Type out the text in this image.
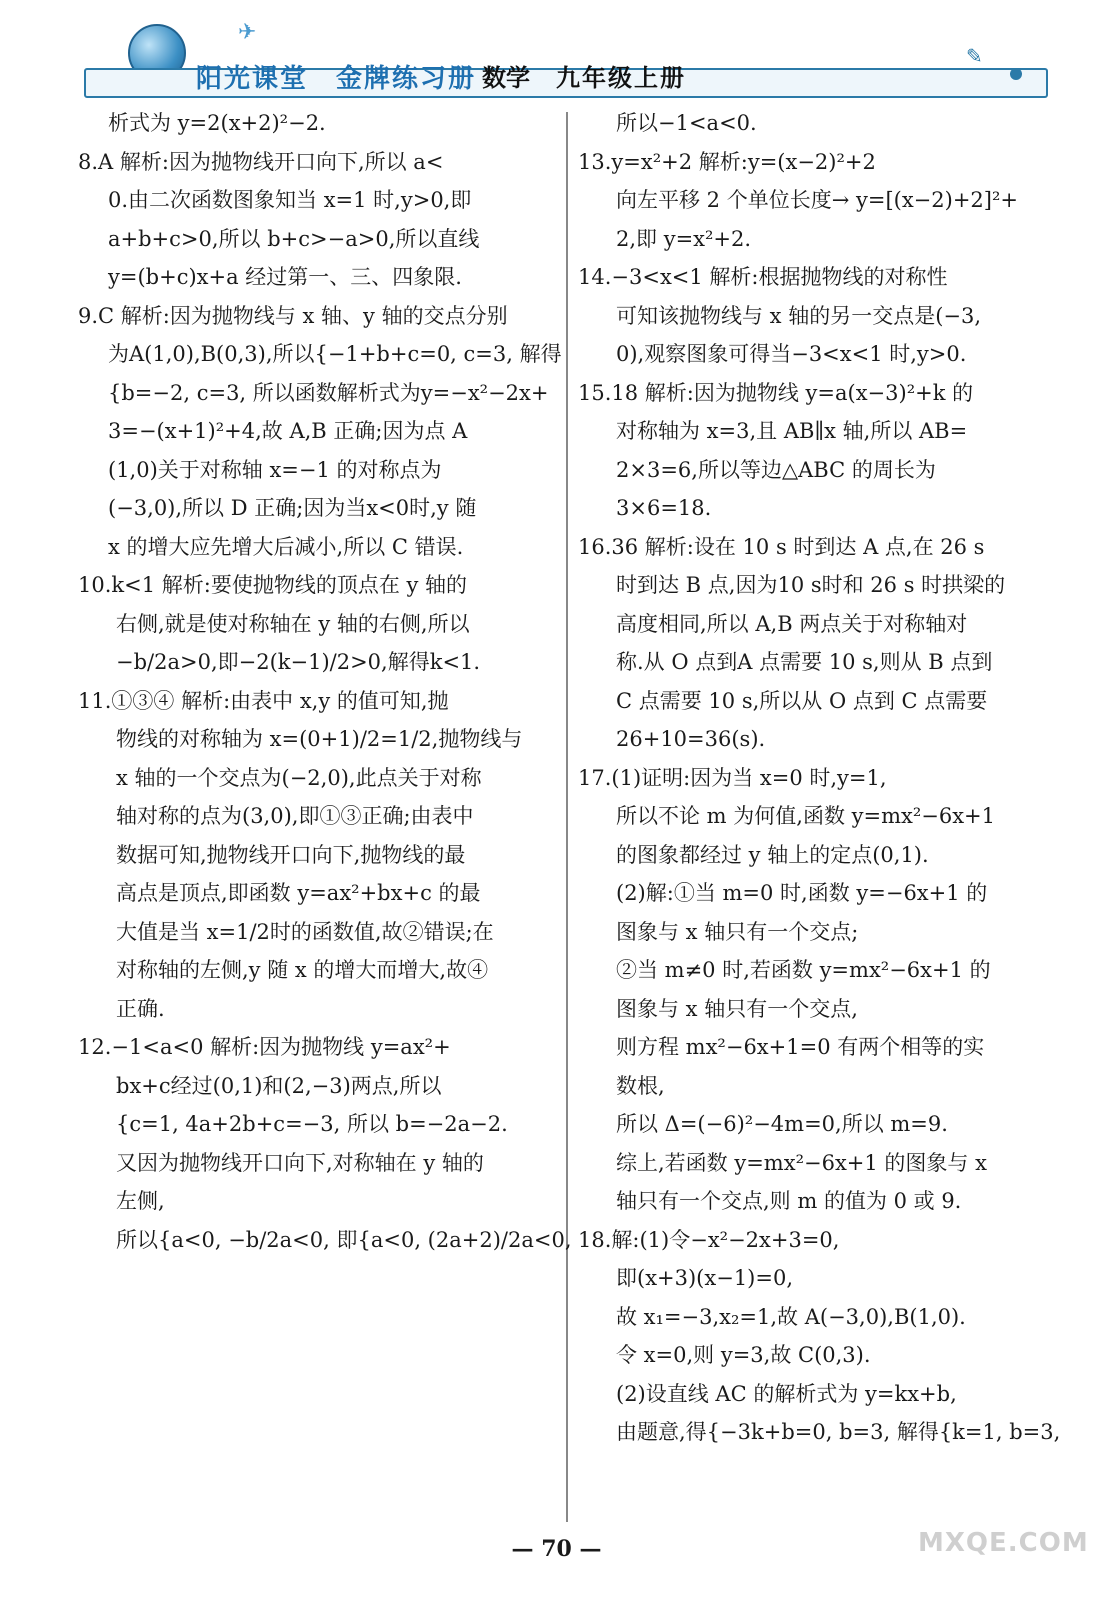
✈
✎
阳光课堂 金牌练习册 数学 九年级上册

析式为 y=2(x+2)²−2.

8.A 解析:因为抛物线开口向下,所以 a<

0.由二次函数图象知当 x=1 时,y>0,即

a+b+c>0,所以 b+c>−a>0,所以直线

y=(b+c)x+a 经过第一、三、四象限.

9.C 解析:因为抛物线与 x 轴、y 轴的交点分别

为A(1,0),B(0,3),所以{−1+b+c=0, c=3, 解得

{b=−2, c=3, 所以函数解析式为y=−x²−2x+

3=−(x+1)²+4,故 A,B 正确;因为点 A

(1,0)关于对称轴 x=−1 的对称点为

(−3,0),所以 D 正确;因为当x<0时,y 随

x 的增大应先增大后减小,所以 C 错误.

10.k<1 解析:要使抛物线的顶点在 y 轴的

右侧,就是使对称轴在 y 轴的右侧,所以

−b/2a>0,即−2(k−1)/2>0,解得k<1.

11.①③④ 解析:由表中 x,y 的值可知,抛

物线的对称轴为 x=(0+1)/2=1/2,抛物线与

x 轴的一个交点为(−2,0),此点关于对称

轴对称的点为(3,0),即①③正确;由表中

数据可知,抛物线开口向下,抛物线的最

高点是顶点,即函数 y=ax²+bx+c 的最

大值是当 x=1/2时的函数值,故②错误;在

对称轴的左侧,y 随 x 的增大而增大,故④

正确.

12.−1<a<0 解析:因为抛物线 y=ax²+

bx+c经过(0,1)和(2,−3)两点,所以

{c=1, 4a+2b+c=−3, 所以 b=−2a−2.

又因为抛物线开口向下,对称轴在 y 轴的

左侧,

所以{a<0, −b/2a<0, 即{a<0, (2a+2)/2a<0,

所以−1<a<0.

13.y=x²+2 解析:y=(x−2)²+2

向左平移 2 个单位长度→ y=[(x−2)+2]²+

2,即 y=x²+2.

14.−3<x<1 解析:根据抛物线的对称性

可知该抛物线与 x 轴的另一交点是(−3,

0),观察图象可得当−3<x<1 时,y>0.

15.18 解析:因为抛物线 y=a(x−3)²+k 的

对称轴为 x=3,且 AB∥x 轴,所以 AB=

2×3=6,所以等边△ABC 的周长为

3×6=18.

16.36 解析:设在 10 s 时到达 A 点,在 26 s

时到达 B 点,因为10 s时和 26 s 时拱梁的

高度相同,所以 A,B 两点关于对称轴对

称.从 O 点到A 点需要 10 s,则从 B 点到

C 点需要 10 s,所以从 O 点到 C 点需要

26+10=36(s).

17.(1)证明:因为当 x=0 时,y=1,

所以不论 m 为何值,函数 y=mx²−6x+1

的图象都经过 y 轴上的定点(0,1).

(2)解:①当 m=0 时,函数 y=−6x+1 的

图象与 x 轴只有一个交点;

②当 m≠0 时,若函数 y=mx²−6x+1 的

图象与 x 轴只有一个交点,

则方程 mx²−6x+1=0 有两个相等的实

数根,

所以 Δ=(−6)²−4m=0,所以 m=9.

综上,若函数 y=mx²−6x+1 的图象与 x

轴只有一个交点,则 m 的值为 0 或 9.

18.解:(1)令−x²−2x+3=0,

即(x+3)(x−1)=0,

故 x₁=−3,x₂=1,故 A(−3,0),B(1,0).

令 x=0,则 y=3,故 C(0,3).

(2)设直线 AC 的解析式为 y=kx+b,

由题意,得{−3k+b=0, b=3, 解得{k=1, b=3,

— 70 —	MXQE.COM
